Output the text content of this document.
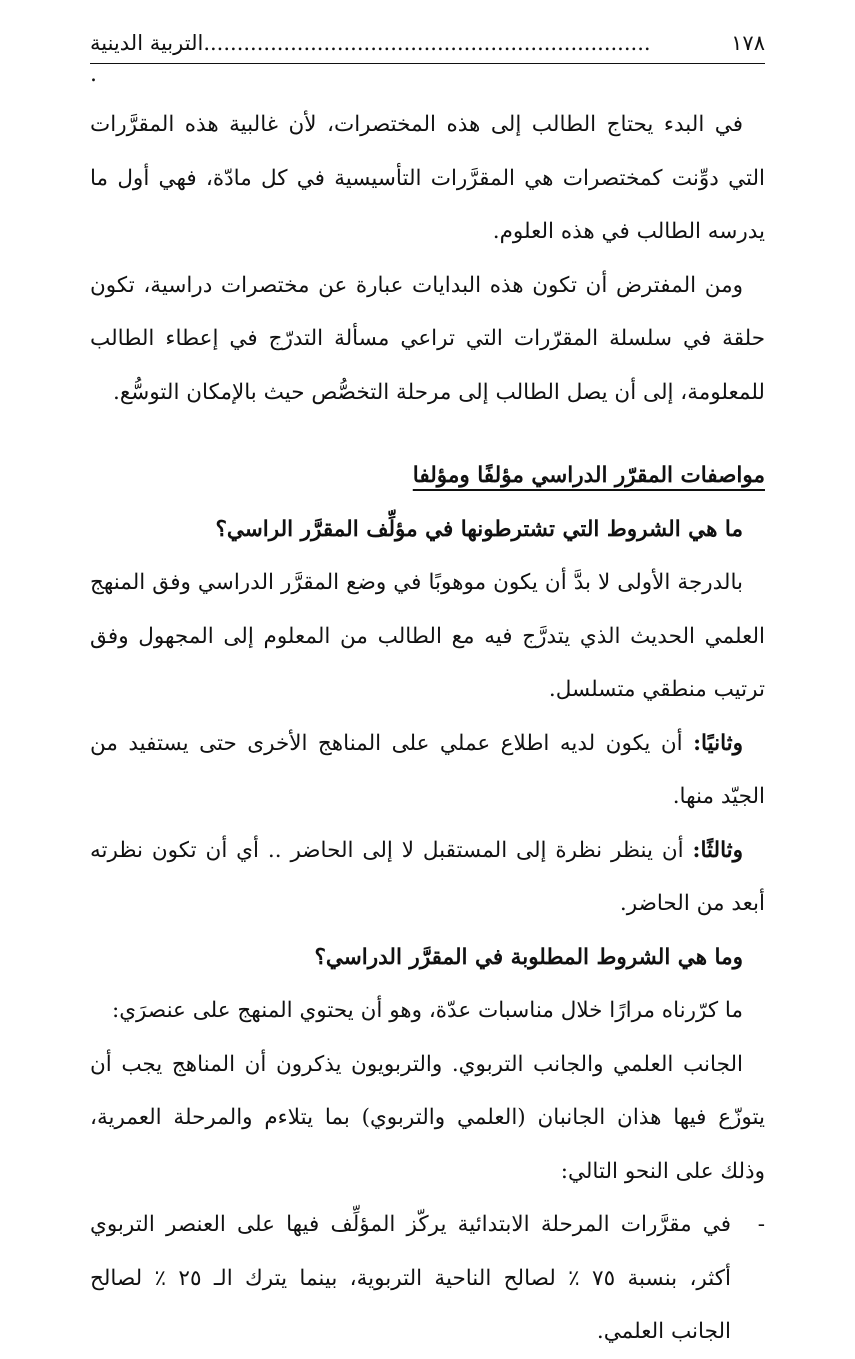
١٧٨
...................................................................التربية الدينية
.

في البدء يحتاج الطالب إلى هذه المختصرات، لأن غالبية هذه المقرَّرات التي دوِّنت كمختصرات هي المقرَّرات التأسيسية في كل مادّة، فهي أول ما يدرسه الطالب في هذه العلوم.

ومن المفترض أن تكون هذه البدايات عبارة عن مختصرات دراسية، تكون حلقة في سلسلة المقرّرات التي تراعي مسألة التدرّج في إعطاء الطالب للمعلومة، إلى أن يصل الطالب إلى مرحلة التخصُّص حيث بالإمكان التوسُّع.

مواصفات المقرّر الدراسي مؤلفًا ومؤلفا

ما هي الشروط التي تشترطونها في مؤلِّف المقرَّر الراسي؟

بالدرجة الأولى لا بدَّ أن يكون موهوبًا في وضع المقرَّر الدراسي وفق المنهج العلمي الحديث الذي يتدرَّج فيه مع الطالب من المعلوم إلى المجهول وفق ترتيب منطقي متسلسل.

وثانيًا: أن يكون لديه اطلاع عملي على المناهج الأخرى حتى يستفيد من الجيّد منها.

وثالثًا: أن ينظر نظرة إلى المستقبل لا إلى الحاضر .. أي أن تكون نظرته أبعد من الحاضر.

وما هي الشروط المطلوبة في المقرَّر الدراسي؟

ما كرّرناه مرارًا خلال مناسبات عدّة، وهو أن يحتوي المنهج على عنصرَي:

الجانب العلمي والجانب التربوي. والتربويون يذكرون أن المناهج يجب أن يتوزّع فيها هذان الجانبان (العلمي والتربوي) بما يتلاءم والمرحلة العمرية، وذلك على النحو التالي:

-
في مقرَّرات المرحلة الابتدائية يركّز المؤلِّف فيها على العنصر التربوي أكثر، بنسبة ٧٥ ٪ لصالح الناحية التربوية، بينما يترك الـ ٢٥ ٪ لصالح الجانب العلمي.
